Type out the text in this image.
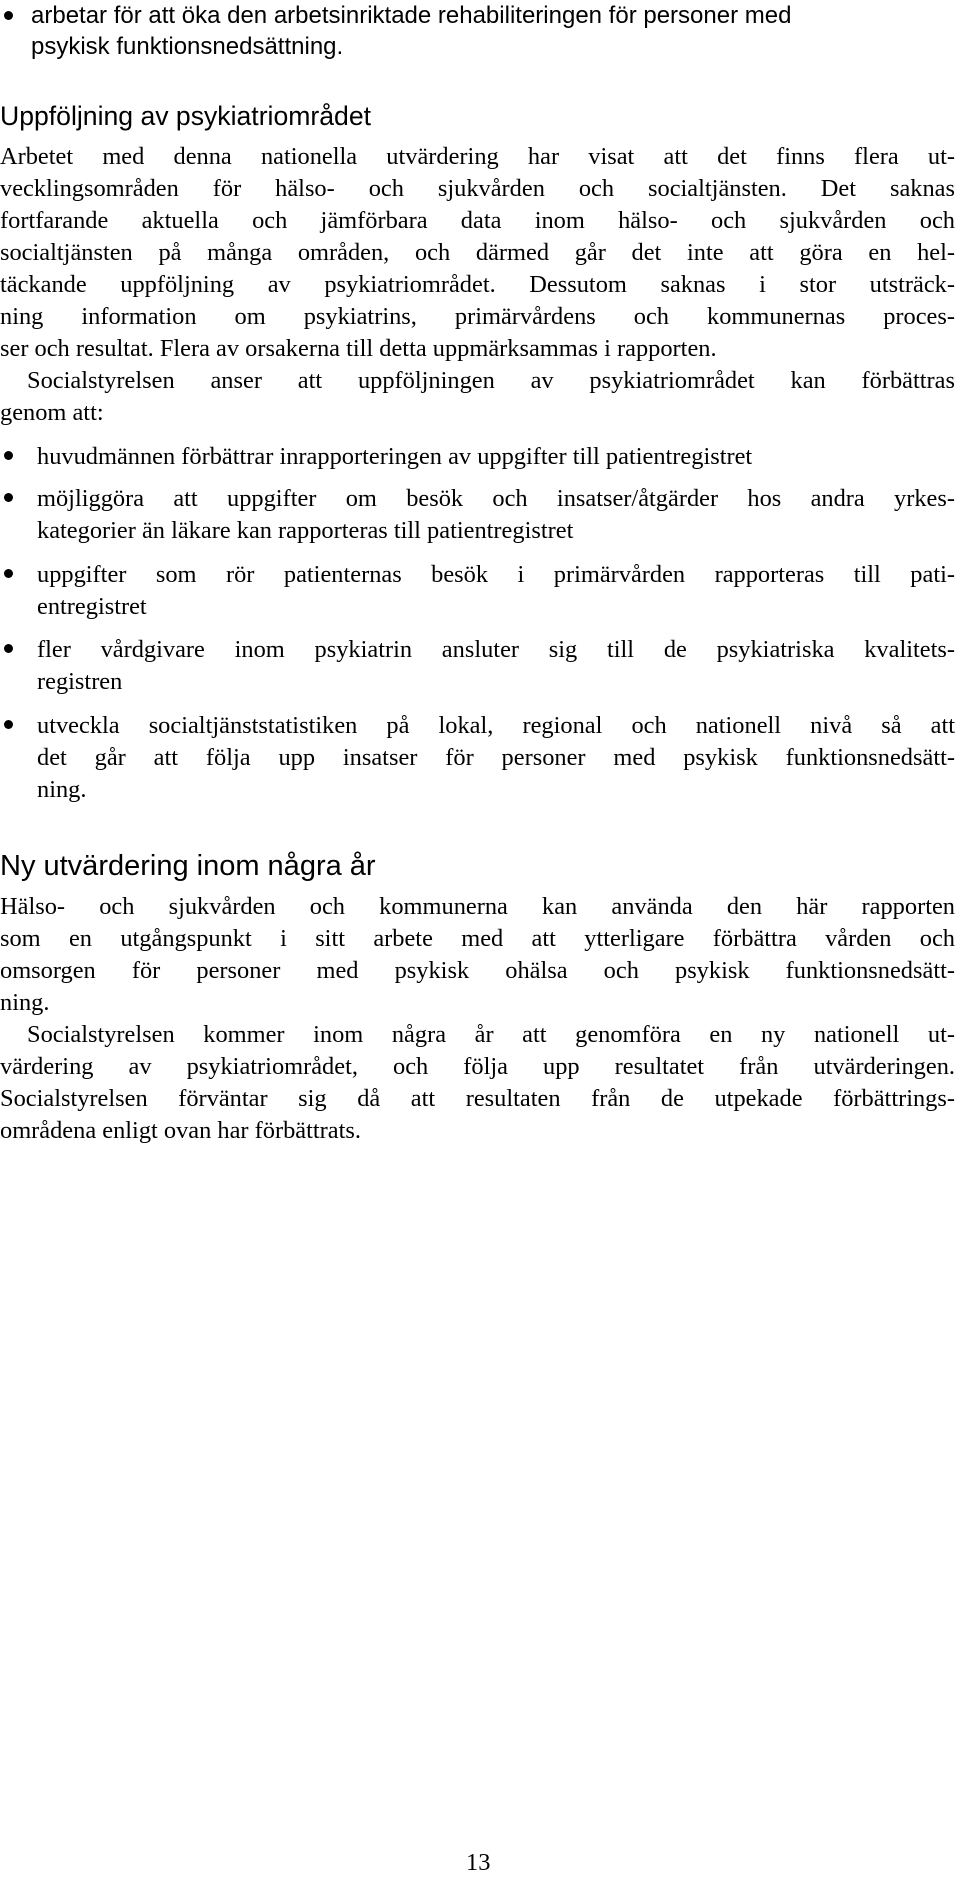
arbetar för att öka den arbetsinriktade rehabiliteringen för personer med
psykisk funktionsnedsättning.
Uppföljning av psykiatriområdet
Arbetet med denna nationella utvärdering har visat att det finns flera ut-
vecklingsområden för hälso- och sjukvården och socialtjänsten. Det saknas
fortfarande aktuella och jämförbara data inom hälso- och sjukvården och
socialtjänsten på många områden, och därmed går det inte att göra en hel-
täckande uppföljning av psykiatriområdet. Dessutom saknas i stor utsträck-
ning information om psykiatrins, primärvårdens och kommunernas proces-
ser och resultat. Flera av orsakerna till detta uppmärksammas i rapporten.
Socialstyrelsen anser att uppföljningen av psykiatriområdet kan förbättras
genom att:
huvudmännen förbättrar inrapporteringen av uppgifter till patientregistret
möjliggöra att uppgifter om besök och insatser/åtgärder hos andra yrkes-
kategorier än läkare kan rapporteras till patientregistret
uppgifter som rör patienternas besök i primärvården rapporteras till pati-
entregistret
fler vårdgivare inom psykiatrin ansluter sig till de psykiatriska kvalitets-
registren
utveckla socialtjänststatistiken på lokal, regional och nationell nivå så att
det går att följa upp insatser för personer med psykisk funktionsnedsätt-
ning.
Ny utvärdering inom några år
Hälso- och sjukvården och kommunerna kan använda den här rapporten
som en utgångspunkt i sitt arbete med att ytterligare förbättra vården och
omsorgen för personer med psykisk ohälsa och psykisk funktionsnedsätt-
ning.
Socialstyrelsen kommer inom några år att genomföra en ny nationell ut-
värdering av psykiatriområdet, och följa upp resultatet från utvärderingen.
Socialstyrelsen förväntar sig då att resultaten från de utpekade förbättrings-
områdena enligt ovan har förbättrats.
13
